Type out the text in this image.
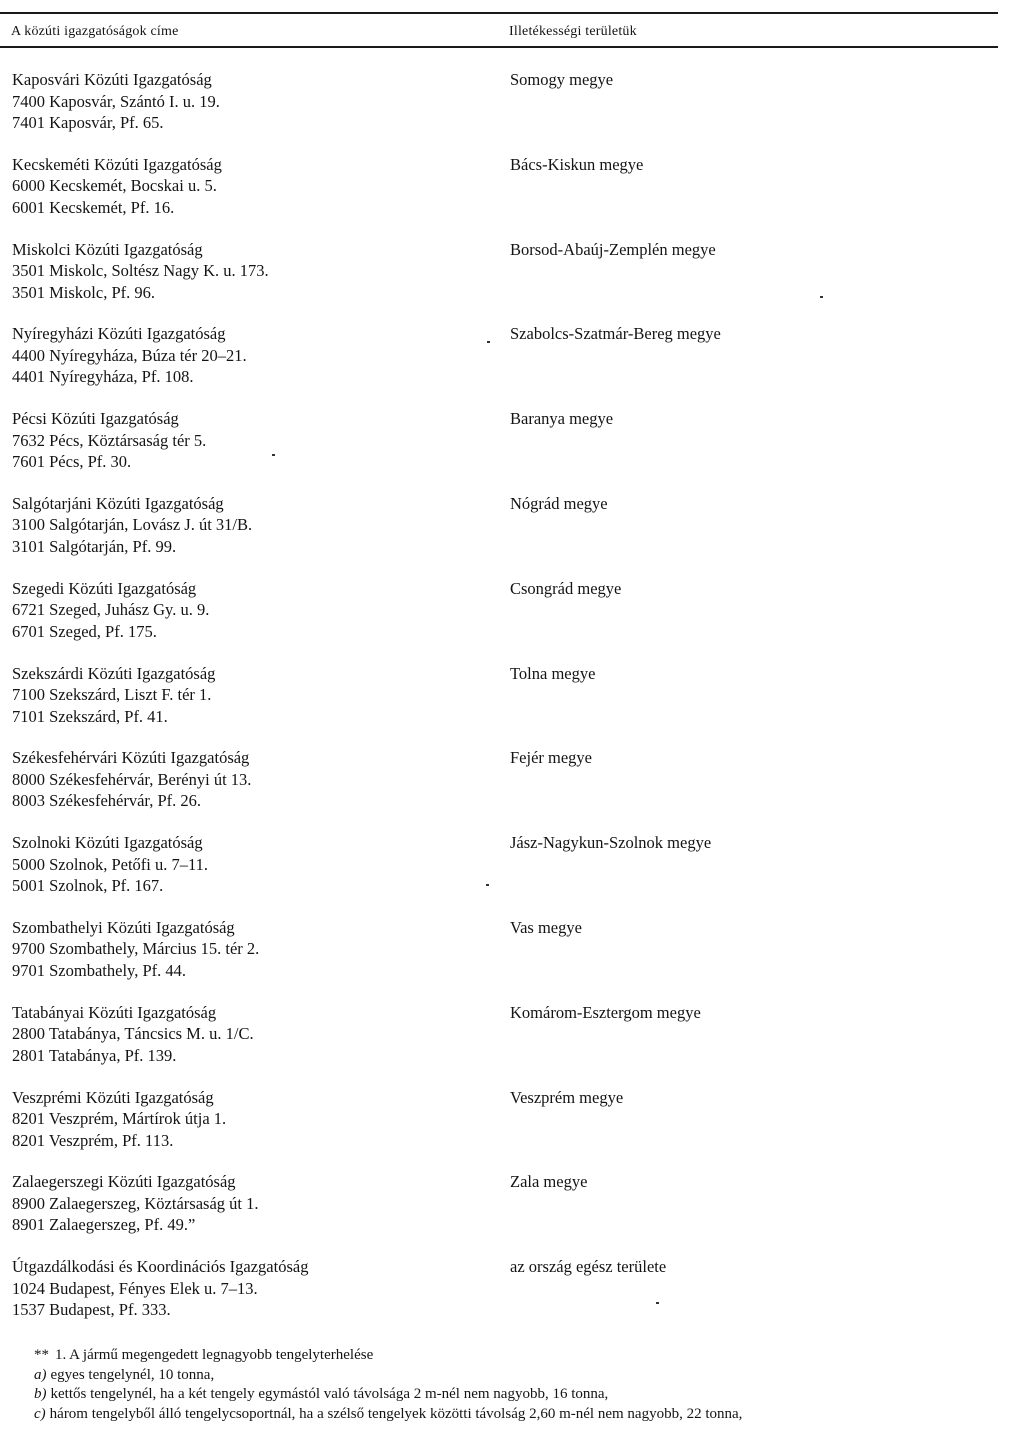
A közúti igazgatóságok címe	Illetékességi területük
Kaposvári Közúti Igazgatóság
7400 Kaposvár, Szántó I. u. 19.
7401 Kaposvár, Pf. 65.
Somogy megye
Kecskeméti Közúti Igazgatóság
6000 Kecskemét, Bocskai u. 5.
6001 Kecskemét, Pf. 16.
Bács-Kiskun megye
Miskolci Közúti Igazgatóság
3501 Miskolc, Soltész Nagy K. u. 173.
3501 Miskolc, Pf. 96.
Borsod-Abaúj-Zemplén megye
Nyíregyházi Közúti Igazgatóság
4400 Nyíregyháza, Búza tér 20–21.
4401 Nyíregyháza, Pf. 108.
Szabolcs-Szatmár-Bereg megye
Pécsi Közúti Igazgatóság
7632 Pécs, Köztársaság tér 5.
7601 Pécs, Pf. 30.
Baranya megye
Salgótarjáni Közúti Igazgatóság
3100 Salgótarján, Lovász J. út 31/B.
3101 Salgótarján, Pf. 99.
Nógrád megye
Szegedi Közúti Igazgatóság
6721 Szeged, Juhász Gy. u. 9.
6701 Szeged, Pf. 175.
Csongrád megye
Szekszárdi Közúti Igazgatóság
7100 Szekszárd, Liszt F. tér 1.
7101 Szekszárd, Pf. 41.
Tolna megye
Székesfehérvári Közúti Igazgatóság
8000 Székesfehérvár, Berényi út 13.
8003 Székesfehérvár, Pf. 26.
Fejér megye
Szolnoki Közúti Igazgatóság
5000 Szolnok, Petőfi u. 7–11.
5001 Szolnok, Pf. 167.
Jász-Nagykun-Szolnok megye
Szombathelyi Közúti Igazgatóság
9700 Szombathely, Március 15. tér 2.
9701 Szombathely, Pf. 44.
Vas megye
Tatabányai Közúti Igazgatóság
2800 Tatabánya, Táncsics M. u. 1/C.
2801 Tatabánya, Pf. 139.
Komárom-Esztergom megye
Veszprémi Közúti Igazgatóság
8201 Veszprém, Mártírok útja 1.
8201 Veszprém, Pf. 113.
Veszprém megye
Zalaegerszegi Közúti Igazgatóság
8900 Zalaegerszeg, Köztársaság út 1.
8901 Zalaegerszeg, Pf. 49.”
Zala megye
Útgazdálkodási és Koordinációs Igazgatóság
1024 Budapest, Fényes Elek u. 7–13.
1537 Budapest, Pf. 333.
az ország egész területe
** 1. A jármű megengedett legnagyobb tengelyterhelése
a) egyes tengelynél, 10 tonna,
b) kettős tengelynél, ha a két tengely egymástól való távolsága 2 m-nél nem nagyobb, 16 tonna,
c) három tengelyből álló tengelycsoportnál, ha a szélső tengelyek közötti távolság 2,60 m-nél nem nagyobb, 22 tonna,
